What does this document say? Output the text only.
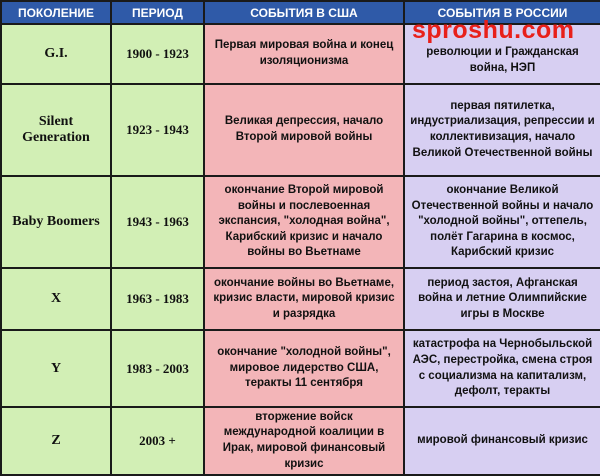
ПОКОЛЕНИЕ	ПЕРИОД	СОБЫТИЯ В США	СОБЫТИЯ В РОССИИ
G.I.	1900 - 1923	Первая мировая война и конец изоляционизма	революции и Гражданская война, НЭП
Silent Generation	1923 - 1943	Великая депрессия, начало Второй мировой войны	первая пятилетка, индустриализация, репрессии и коллективизация, начало Великой Отечественной войны
Baby Boomers	1943 - 1963	окончание Второй мировой войны и послевоенная экспансия, "холодная война", Карибский кризис и начало войны во Вьетнаме	окончание Великой Отечественной войны и начало "холодной войны", оттепель, полёт Гагарина в космос, Карибский кризис
X	1963 - 1983	окончание войны во Вьетнаме, кризис власти, мировой кризис и разрядка	период застоя, Афганская война и летние Олимпийские игры в Москве
Y	1983 - 2003	окончание "холодной войны", мировое лидерство США, теракты 11 сентября	катастрофа на Чернобыльской АЭС, перестройка, смена строя с социализма на капитализм, дефолт, теракты
Z	2003 +	вторжение войск международной коалиции в Ирак, мировой финансовый кризис	мировой финансовый кризис
sproshu.com
